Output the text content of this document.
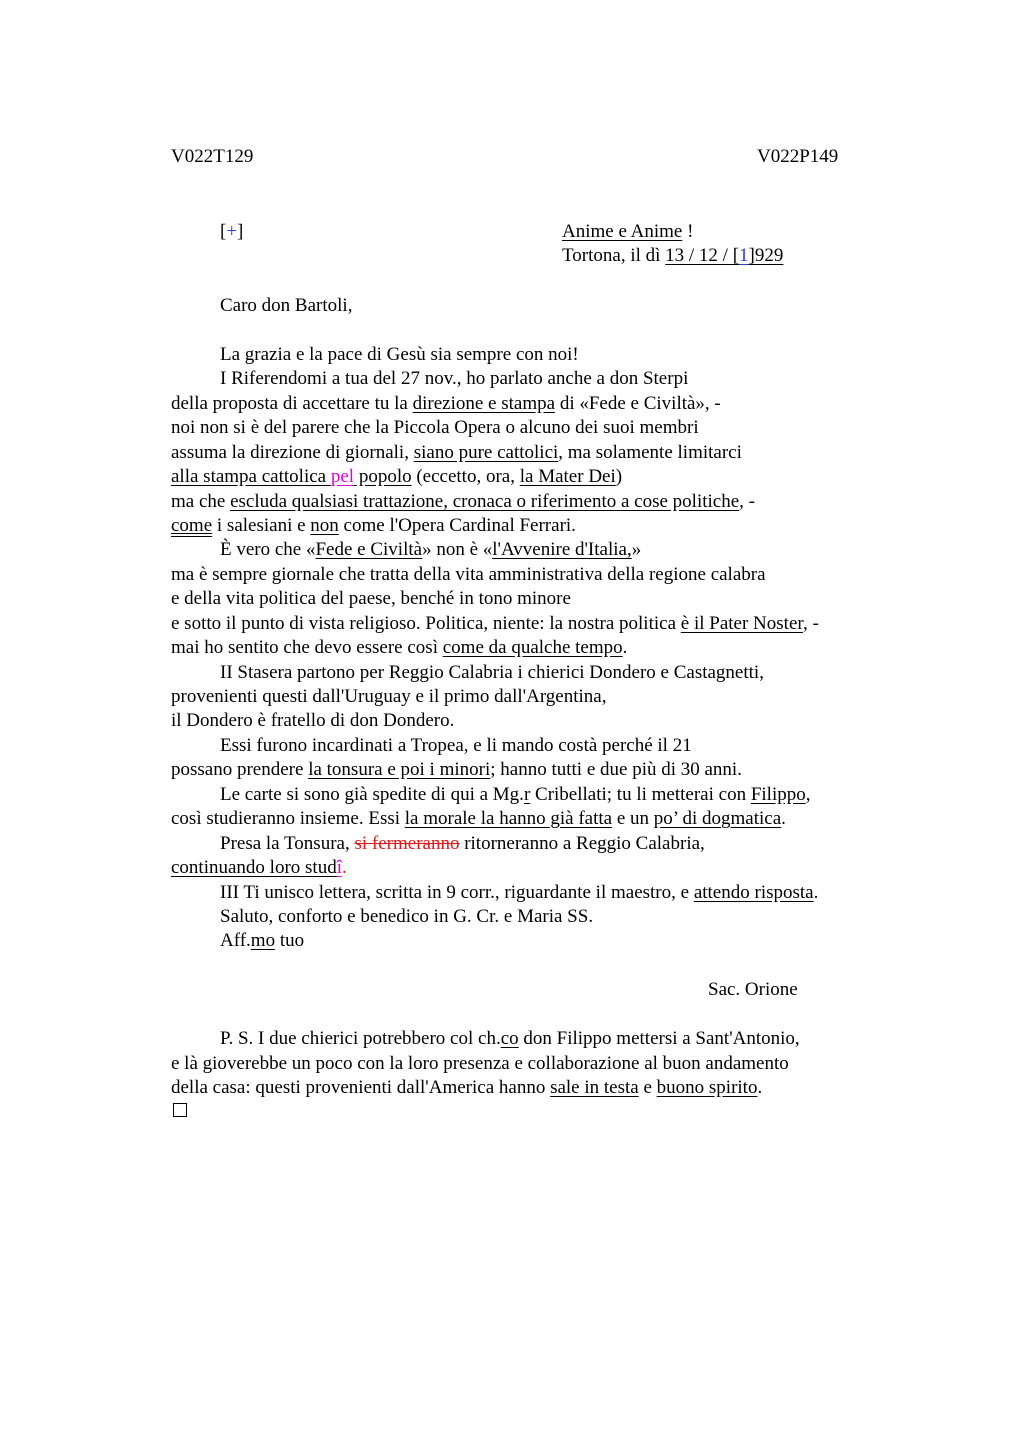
V022T129	V022P149
[+]	Anime e Anime !
Tortona, il dì 13 / 12 / [1]929
Caro don Bartoli,
La grazia e la pace di Gesù sia sempre con noi!
I Riferendomi a tua del 27 nov., ho parlato anche a don Sterpi
della proposta di accettare tu la direzione e stampa di «Fede e Civiltà», -
noi non si è del parere che la Piccola Opera o alcuno dei suoi membri
assuma la direzione di giornali, siano pure cattolici, ma solamente limitarci
alla stampa cattolica pel popolo (eccetto, ora, la Mater Dei)
ma che escluda qualsiasi trattazione, cronaca o riferimento a cose politiche, -
come i salesiani e non come l'Opera Cardinal Ferrari.
È vero che «Fede e Civiltà» non è «l'Avvenire d'Italia,»
ma è sempre giornale che tratta della vita amministrativa della regione calabra
e della vita politica del paese, benché in tono minore
e sotto il punto di vista religioso. Politica, niente: la nostra politica è il Pater Noster, -
mai ho sentito che devo essere così come da qualche tempo.
II Stasera partono per Reggio Calabria i chierici Dondero e Castagnetti,
provenienti questi dall'Uruguay e il primo dall'Argentina,
il Dondero è fratello di don Dondero.
Essi furono incardinati a Tropea, e li mando costà perché il 21
possano prendere la tonsura e poi i minori; hanno tutti e due più di 30 anni.
Le carte si sono già spedite di qui a Mg.r Cribellati; tu li metterai con Filippo,
così studieranno insieme. Essi la morale la hanno già fatta e un po’ di dogmatica.
Presa la Tonsura, si fermeranno ritorneranno a Reggio Calabria,
continuando loro studî.
III Ti unisco lettera, scritta in 9 corr., riguardante il maestro, e attendo risposta.
Saluto, conforto e benedico in G. Cr. e Maria SS.
Aff.mo tuo
Sac. Orione
P. S. I due chierici potrebbero col ch.co don Filippo mettersi a Sant'Antonio,
e là gioverebbe un poco con la loro presenza e collaborazione al buon andamento
della casa: questi provenienti dall'America hanno sale in testa e buono spirito.
